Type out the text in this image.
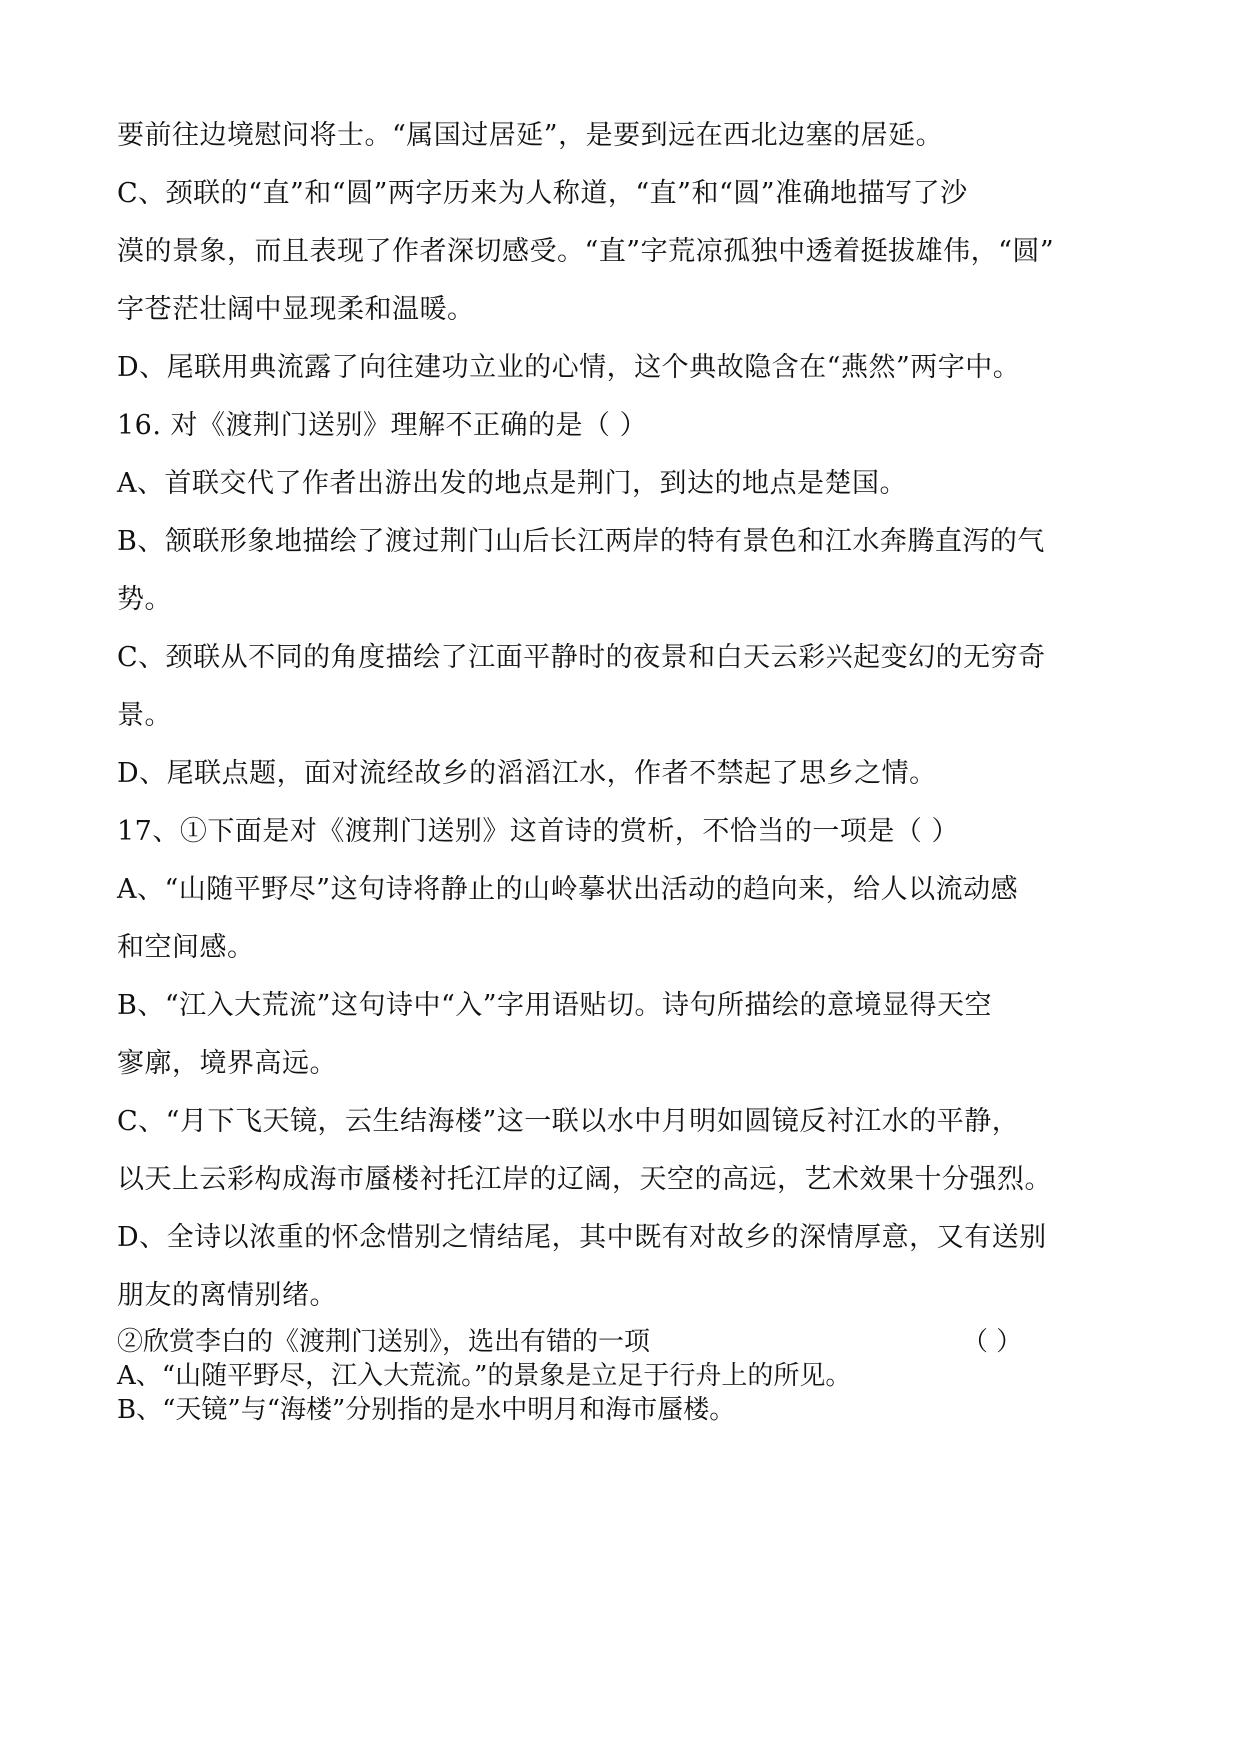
要前往边境慰问将士。“属国过居延”，是要到远在西北边塞的居延。

C、颈联的“直”和“圆”两字历来为人称道，“直”和“圆”准确地描写了沙

漠的景象，而且表现了作者深切感受。“直”字荒凉孤独中透着挺拔雄伟，“圆”

字苍茫壮阔中显现柔和温暖。

D、尾联用典流露了向往建功立业的心情，这个典故隐含在“燕然”两字中。

16. 对《渡荆门送别》理解不正确的是（ ）

A、首联交代了作者出游出发的地点是荆门，到达的地点是楚国。

B、颔联形象地描绘了渡过荆门山后长江两岸的特有景色和江水奔腾直泻的气

势。

C、颈联从不同的角度描绘了江面平静时的夜景和白天云彩兴起变幻的无穷奇

景。

D、尾联点题，面对流经故乡的滔滔江水，作者不禁起了思乡之情。

17、①下面是对《渡荆门送别》这首诗的赏析，不恰当的一项是（ ）

A、“山随平野尽”这句诗将静止的山岭摹状出活动的趋向来，给人以流动感

和空间感。

B、“江入大荒流”这句诗中“入”字用语贴切。诗句所描绘的意境显得天空

寥廓，境界高远。

C、“月下飞天镜，云生结海楼”这一联以水中月明如圆镜反衬江水的平静，

以天上云彩构成海市蜃楼衬托江岸的辽阔，天空的高远，艺术效果十分强烈。

D、全诗以浓重的怀念惜别之情结尾，其中既有对故乡的深情厚意，又有送别

朋友的离情别绪。

②欣赏李白的《渡荆门送别》，选出有错的一项	（ ）

A、“山随平野尽，江入大荒流。”的景象是立足于行舟上的所见。

B、“天镜”与“海楼”分别指的是水中明月和海市蜃楼。
